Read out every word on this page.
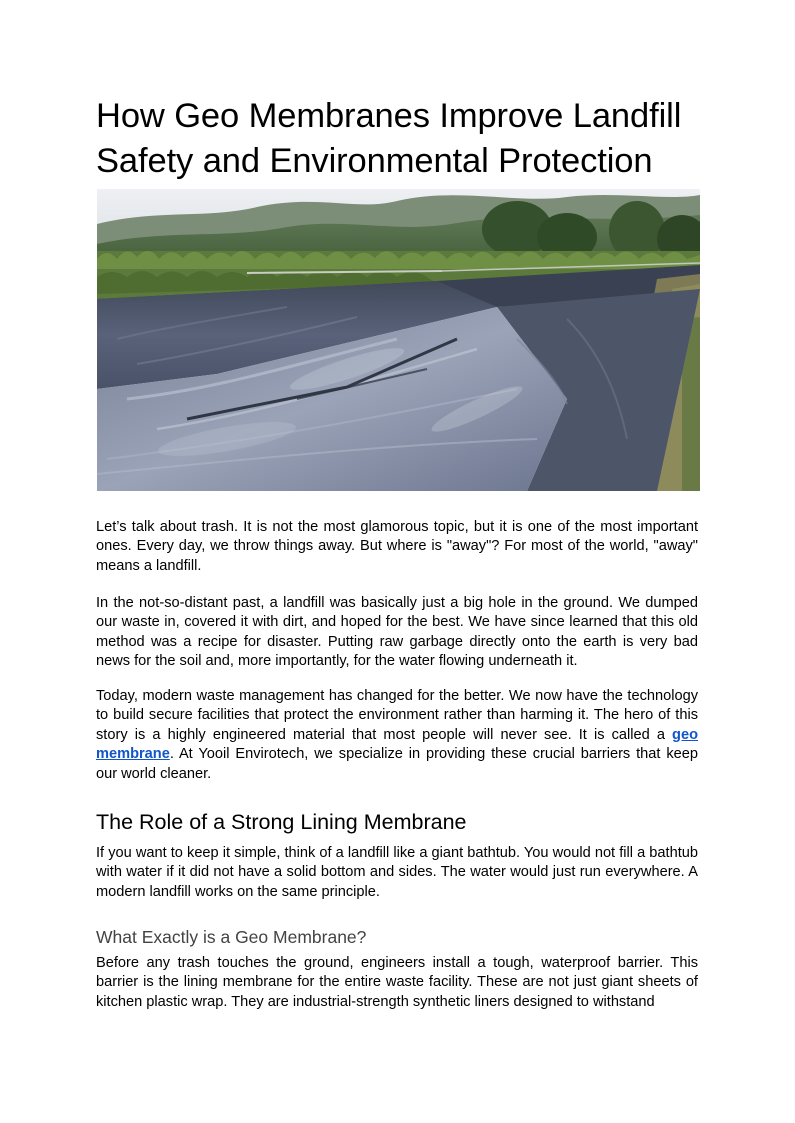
How Geo Membranes Improve Landfill Safety and Environmental Protection

Let’s talk about trash. It is not the most glamorous topic, but it is one of the most important ones. Every day, we throw things away. But where is "away"? For most of the world, "away" means a landfill.

In the not-so-distant past, a landfill was basically just a big hole in the ground. We dumped our waste in, covered it with dirt, and hoped for the best. We have since learned that this old method was a recipe for disaster. Putting raw garbage directly onto the earth is very bad news for the soil and, more importantly, for the water flowing underneath it.

Today, modern waste management has changed for the better. We now have the technology to build secure facilities that protect the environment rather than harming it. The hero of this story is a highly engineered material that most people will never see. It is called a geo membrane. At Yooil Envirotech, we specialize in providing these crucial barriers that keep our world cleaner.

The Role of a Strong Lining Membrane

If you want to keep it simple, think of a landfill like a giant bathtub. You would not fill a bathtub with water if it did not have a solid bottom and sides. The water would just run everywhere. A modern landfill works on the same principle.

What Exactly is a Geo Membrane?

Before any trash touches the ground, engineers install a tough, waterproof barrier. This barrier is the lining membrane for the entire waste facility. These are not just giant sheets of kitchen plastic wrap. They are industrial-strength synthetic liners designed to withstand
